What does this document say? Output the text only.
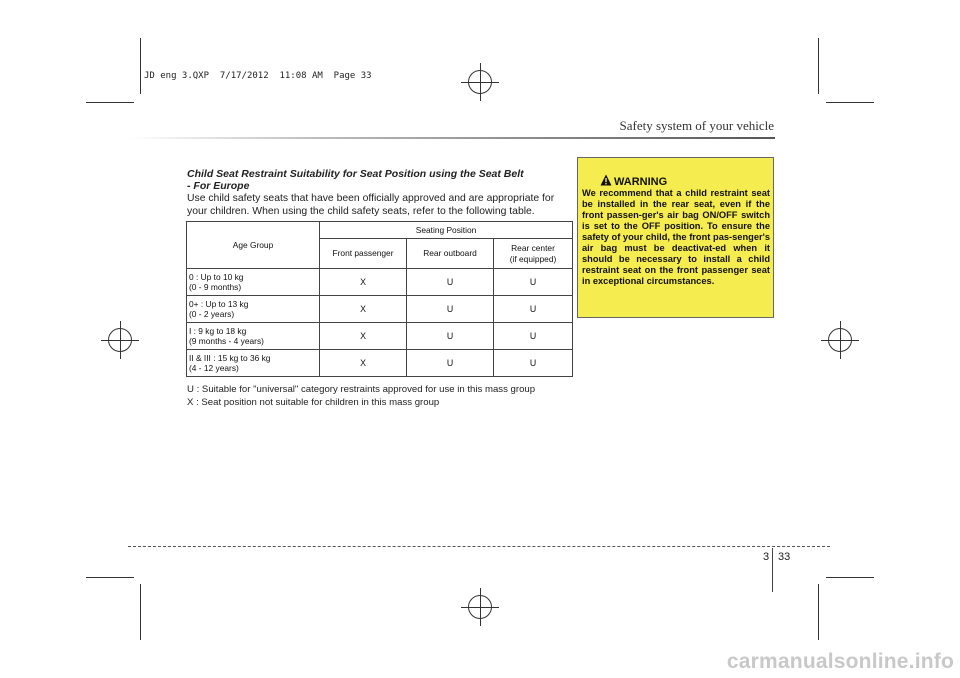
JD eng 3.QXP  7/17/2012  11:08 AM  Page 33
Safety system of your vehicle
Child Seat Restraint Suitability for Seat Position using the Seat Belt
- For Europe
Use child safety seats that have been officially approved and are appropriate for your children. When using the child safety seats, refer to the following table.
Age Group	Seating Position		

	Front passenger	Rear outboard	Rear center
(if equipped)

0 : Up to 10 kg
(0 - 9 months)	X	U	U

0+ : Up to 13 kg
(0 - 2 years)	X	U	U

I : 9 kg to 18 kg
(9 months - 4 years)	X	U	U

II & III : 15 kg to 36 kg
(4 - 12 years)	X	U	U
U : Suitable for "universal" category restraints approved for use in this mass group
X : Seat position not suitable for children in this mass group
WARNING
We recommend that a child restraint seat be installed in the rear seat, even if the front passen-ger's air bag ON/OFF switch is set to the OFF position. To ensure the safety of your child, the front pas-senger's air bag must be deactivat-ed when it should be necessary to install a child restraint seat on the front passenger seat in exceptional circumstances.
3 33
carmanualsonline.info
